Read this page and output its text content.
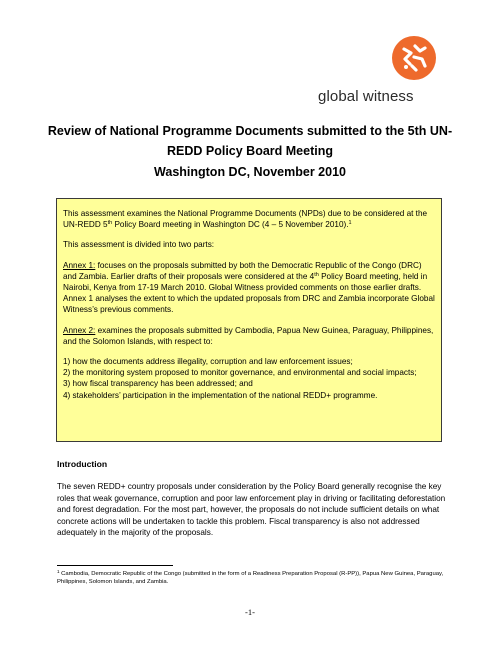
global witness
Review of National Programme Documents submitted to the 5th UN-
REDD Policy Board Meeting
Washington DC, November 2010

This assessment examines the National Programme Documents (NPDs) due to be considered at the UN-REDD 5th Policy Board meeting in Washington DC (4 – 5 November 2010).$^1$

This assessment is divided into two parts:

Annex 1: focuses on the proposals submitted by both the Democratic Republic of the Congo (DRC) and Zambia. Earlier drafts of their proposals were considered at the 4th Policy Board meeting, held in Nairobi, Kenya from 17-19 March 2010. Global Witness provided comments on those earlier drafts. Annex 1 analyses the extent to which the updated proposals from DRC and Zambia incorporate Global Witness’s previous comments.

Annex 2: examines the proposals submitted by Cambodia, Papua New Guinea, Paraguay, Philippines, and the Solomon Islands, with respect to:

1) how the documents address illegality, corruption and law enforcement issues;
2) the monitoring system proposed to monitor governance, and environmental and social impacts;
3) how fiscal transparency has been addressed; and
4) stakeholders’ participation in the implementation of the national REDD+ programme.
Introduction
The seven REDD+ country proposals under consideration by the Policy Board generally recognise the key roles that weak governance, corruption and poor law enforcement play in driving or facilitating deforestation and forest degradation. For the most part, however, the proposals do not include sufficient details on what concrete actions will be undertaken to tackle this problem. Fiscal transparency is also not addressed adequately in the majority of the proposals.
$^1$ Cambodia, Democratic Republic of the Congo (submitted in the form of a Readiness Preparation Proposal (R-PP)), Papua New Guinea, Paraguay, Philippines, Solomon Islands, and Zambia.
-1-
